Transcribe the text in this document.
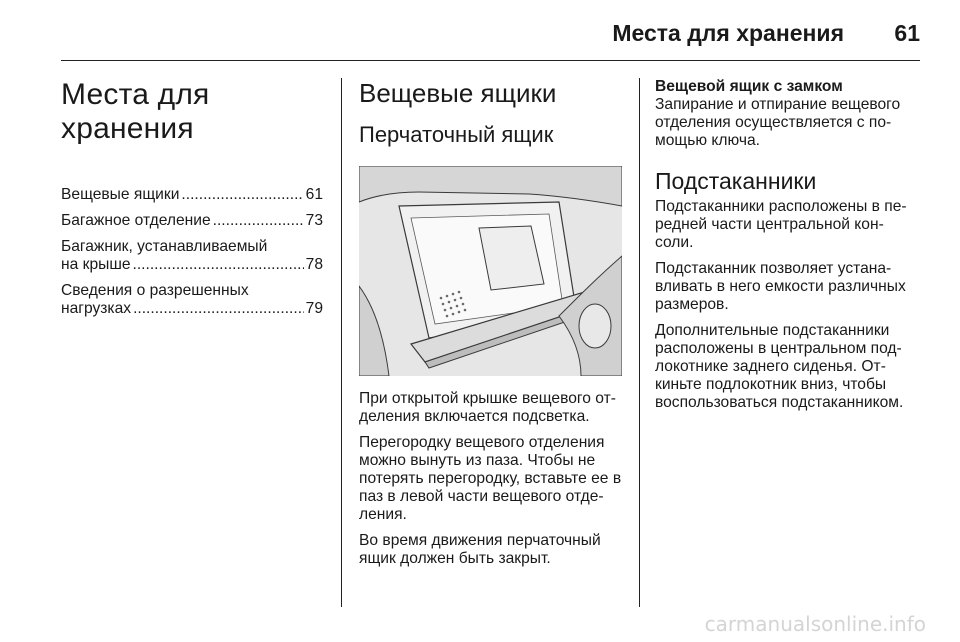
Места для хранения	61
Места для хранения
Вещевые ящики .....	61
Багажное отделение .....	73
Багажник, устанавливаемый
на крыше .....	78
Сведения о разрешенных
нагрузках .....	79
Вещевые ящики
Перчаточный ящик

При открытой крышке вещевого от-деления включается подсветка.

Перегородку вещевого отделения можно вынуть из паза. Чтобы не потерять перегородку, вставьте ее в паз в левой части вещевого отде-ления.

Во время движения перчаточный ящик должен быть закрыт.

Вещевой ящик с замком

Запирание и отпирание вещевого отделения осуществляется с по-мощью ключа.

Подстаканники

Подстаканники расположены в пе-редней части центральной кон-соли.

Подстаканник позволяет устана-вливать в него емкости различных размеров.

Дополнительные подстаканники расположены в центральном под-локотнике заднего сиденья. От-киньте подлокотник вниз, чтобы воспользоваться подстаканником.

carmanualsonline.info
